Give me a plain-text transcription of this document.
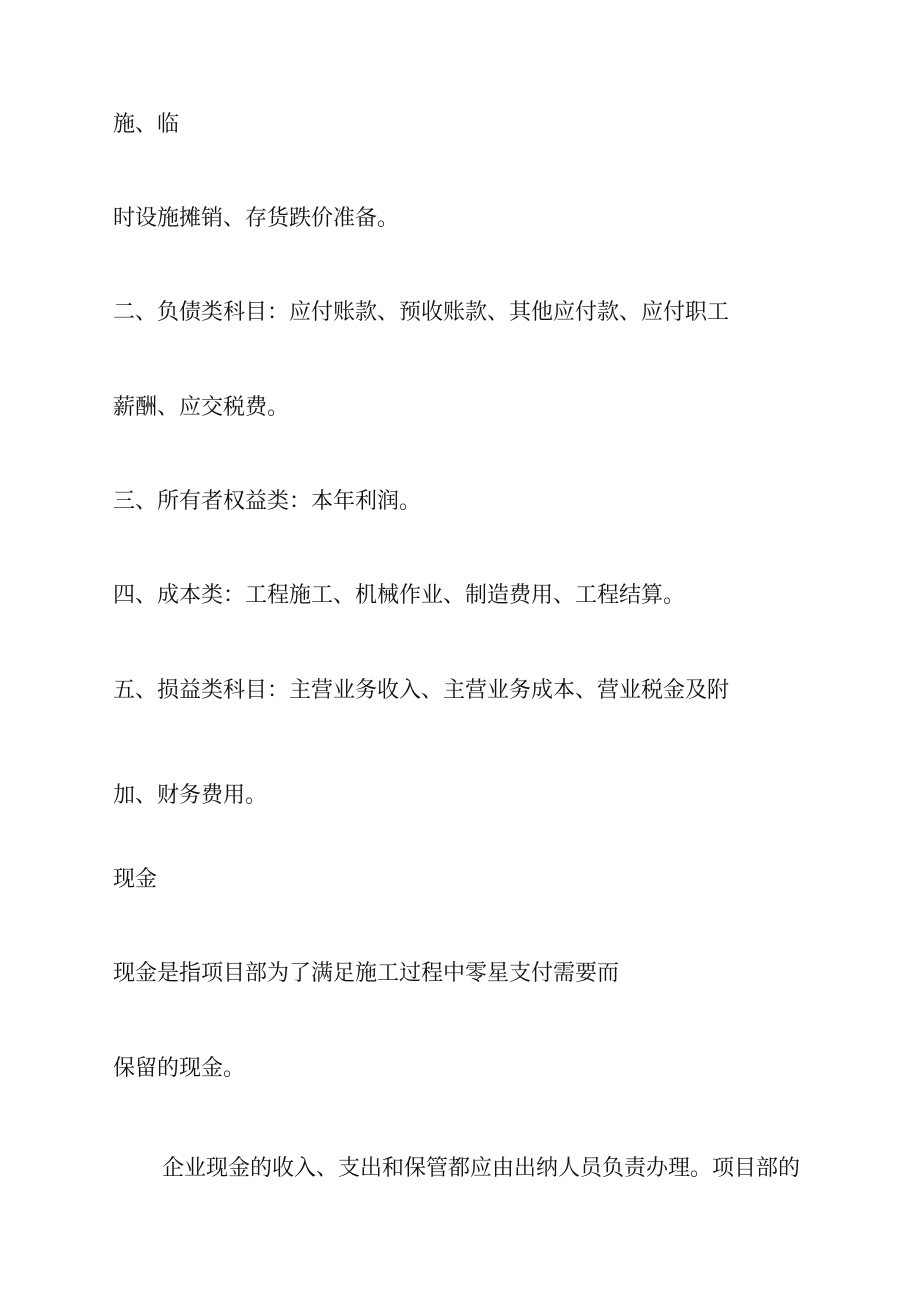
施、临
时设施摊销、存货跌价准备。
二、负债类科目：应付账款、预收账款、其他应付款、应付职工
薪酬、应交税费。
三、所有者权益类：本年利润。
四、成本类：工程施工、机械作业、制造费用、工程结算。
五、损益类科目：主营业务收入、主营业务成本、营业税金及附
加、财务费用。
现金
现金是指项目部为了满足施工过程中零星支付需要而
保留的现金。
企业现金的收入、支出和保管都应由出纳人员负责办理。项目部的
